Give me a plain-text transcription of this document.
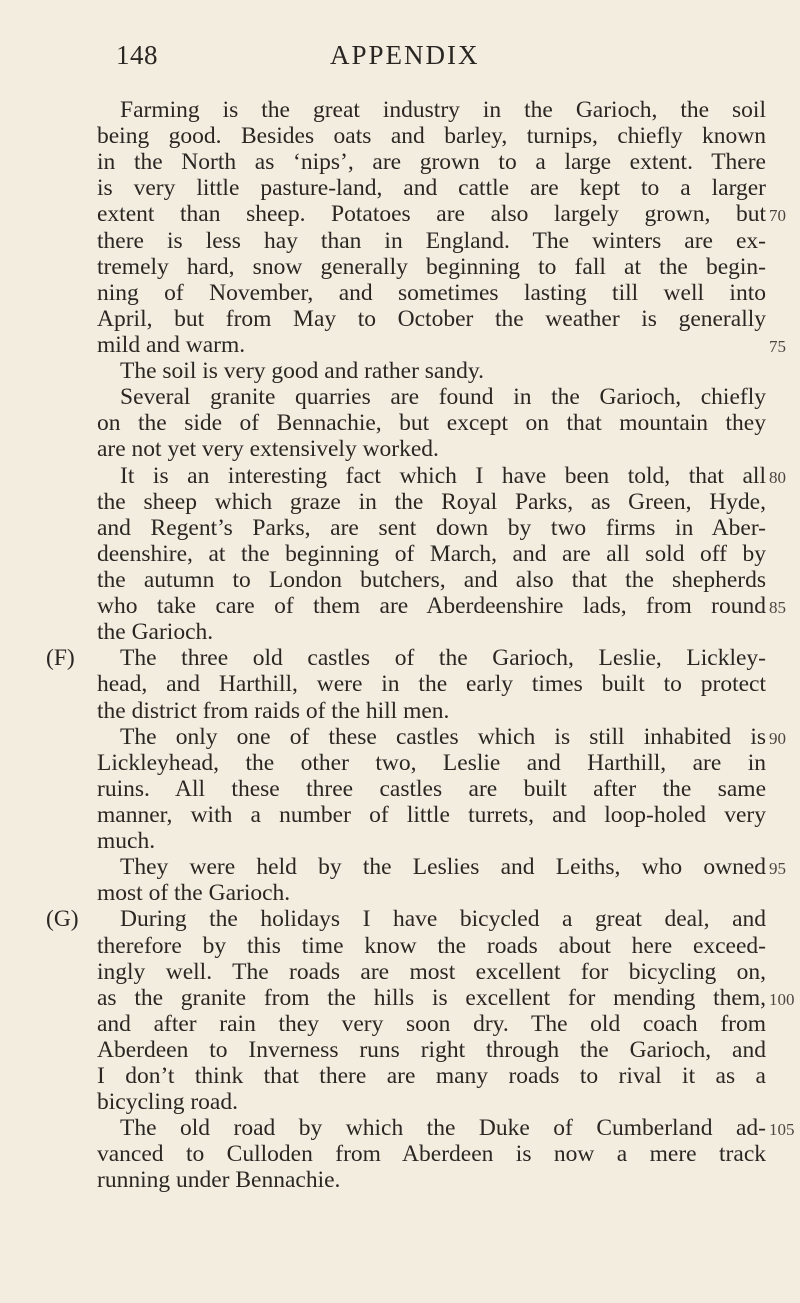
148	APPENDIX
Farming is the great industry in the Garioch, the soil
being good. Besides oats and barley, turnips, chiefly known
in the North as ‘nips’, are grown to a large extent. There
is very little pasture-land, and cattle are kept to a larger
extent than sheep. Potatoes are also largely grown, but 70
there is less hay than in England. The winters are ex-
tremely hard, snow generally beginning to fall at the begin-
ning of November, and sometimes lasting till well into
April, but from May to October the weather is generally
mild and warm.	75
The soil is very good and rather sandy.
Several granite quarries are found in the Garioch, chiefly
on the side of Bennachie, but except on that mountain they
are not yet very extensively worked.
It is an interesting fact which I have been told, that all 80
the sheep which graze in the Royal Parks, as Green, Hyde,
and Regent’s Parks, are sent down by two firms in Aber-
deenshire, at the beginning of March, and are all sold off by
the autumn to London butchers, and also that the shepherds
who take care of them are Aberdeenshire lads, from round 85
the Garioch.
(F) The three old castles of the Garioch, Leslie, Lickley-
head, and Harthill, were in the early times built to protect
the district from raids of the hill men.
The only one of these castles which is still inhabited is 90
Lickleyhead, the other two, Leslie and Harthill, are in
ruins. All these three castles are built after the same
manner, with a number of little turrets, and loop-holed very
much.
They were held by the Leslies and Leiths, who owned 95
most of the Garioch.
(G) During the holidays I have bicycled a great deal, and
therefore by this time know the roads about here exceed-
ingly well. The roads are most excellent for bicycling on,
as the granite from the hills is excellent for mending them, 100
and after rain they very soon dry. The old coach from
Aberdeen to Inverness runs right through the Garioch, and
I don’t think that there are many roads to rival it as a
bicycling road.
The old road by which the Duke of Cumberland ad- 105
vanced to Culloden from Aberdeen is now a mere track
running under Bennachie.
